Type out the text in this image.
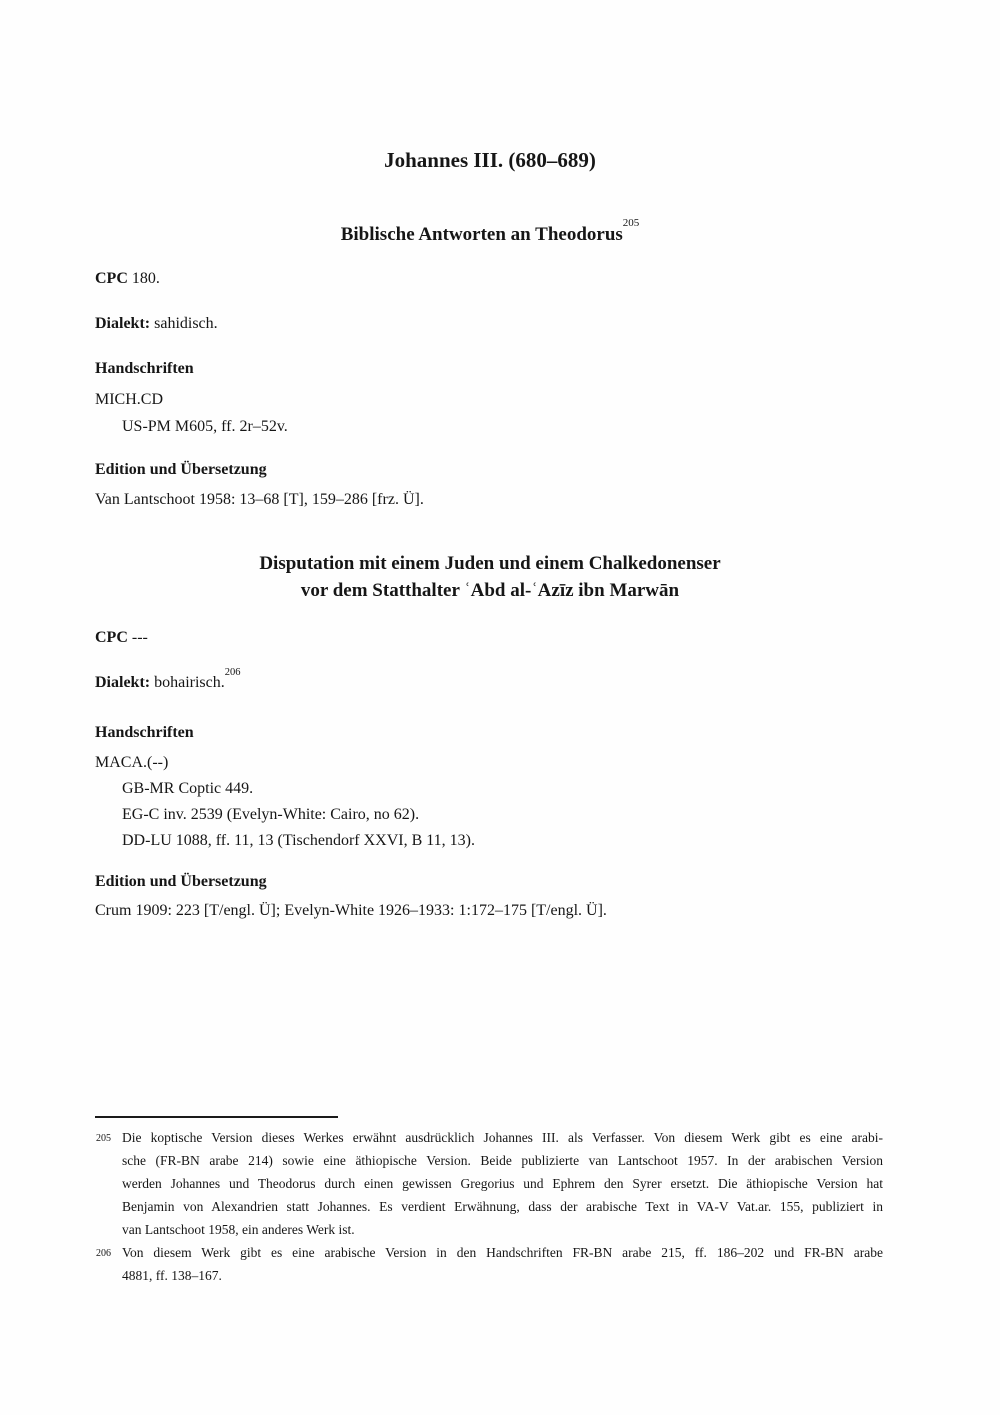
Johannes III. (680–689)
Biblische Antworten an Theodorus$^{205}$
CPC 180.
Dialekt: sahidisch.
Handschriften
MICH.CD
US-PM M605, ff. 2r–52v.
Edition und Übersetzung
Van Lantschoot 1958: 13–68 [T], 159–286 [frz. Ü].
Disputation mit einem Juden und einem Chalkedonenser
vor dem Statthalter ʿAbd al-ʿAzīz ibn Marwān
CPC ---
Dialekt: bohairisch.$^{206}$
Handschriften
MACA.(--)
GB-MR Coptic 449.
EG-C inv. 2539 (Evelyn-White: Cairo, no 62).
DD-LU 1088, ff. 11, 13 (Tischendorf XXVI, B 11, 13).
Edition und Übersetzung
Crum 1909: 223 [T/engl. Ü]; Evelyn-White 1926–1933: 1:172–175 [T/engl. Ü].
205 Die koptische Version dieses Werkes erwähnt ausdrücklich Johannes III. als Verfasser. Von diesem Werk gibt es eine arabi-
sche (FR-BN arabe 214) sowie eine äthiopische Version. Beide publizierte van Lantschoot 1957. In der arabischen Version
werden Johannes und Theodorus durch einen gewissen Gregorius und Ephrem den Syrer ersetzt. Die äthiopische Version hat
Benjamin von Alexandrien statt Johannes. Es verdient Erwähnung, dass der arabische Text in VA-V Vat.ar. 155, publiziert in
van Lantschoot 1958, ein anderes Werk ist.
206 Von diesem Werk gibt es eine arabische Version in den Handschriften FR-BN arabe 215, ff. 186–202 und FR-BN arabe
4881, ff. 138–167.
